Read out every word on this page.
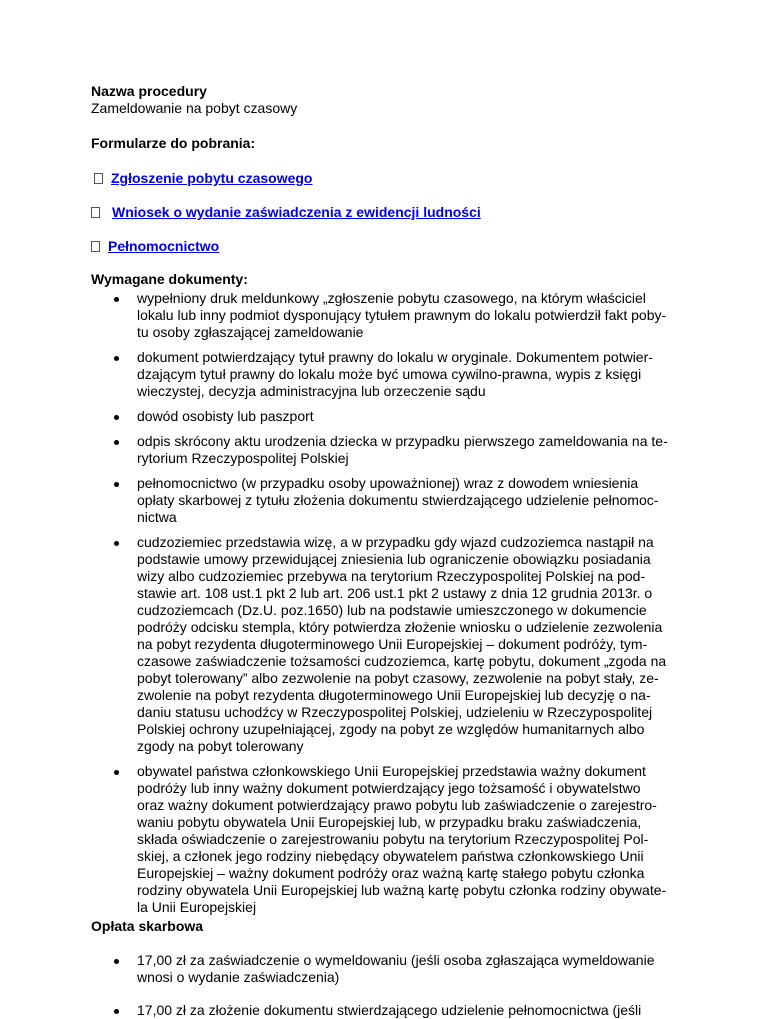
Nazwa procedury

Zameldowanie na pobyt czasowy

Formularze do pobrania:

Zgłoszenie pobytu czasowego
Wniosek o wydanie zaświadczenia z ewidencji ludności
Pełnomocnictwo

Wymagane dokumenty:

wypełniony druk meldunkowy „zgłoszenie pobytu czasowego, na którym właściciel
lokalu lub inny podmiot dysponujący tytułem prawnym do lokalu potwierdził fakt poby-
tu osoby zgłaszającej zameldowanie
dokument potwierdzający tytuł prawny do lokalu w oryginale. Dokumentem potwier-
dzającym tytuł prawny do lokalu może być umowa cywilno-prawna, wypis z księgi
wieczystej, decyzja administracyjna lub orzeczenie sądu
dowód osobisty lub paszport
odpis skrócony aktu urodzenia dziecka w przypadku pierwszego zameldowania na te-
rytorium Rzeczypospolitej Polskiej
pełnomocnictwo (w przypadku osoby upoważnionej) wraz z dowodem wniesienia
opłaty skarbowej z tytułu złożenia dokumentu stwierdzającego udzielenie pełnomoc-
nictwa
cudzoziemiec przedstawia wizę, a w przypadku gdy wjazd cudzoziemca nastąpił na
podstawie umowy przewidującej zniesienia lub ograniczenie obowiązku posiadania
wizy albo cudzoziemiec przebywa na terytorium Rzeczypospolitej Polskiej na pod-
stawie art. 108 ust.1 pkt 2 lub art. 206 ust.1 pkt 2 ustawy z dnia 12 grudnia 2013r. o
cudzoziemcach (Dz.U. poz.1650) lub na podstawie umieszczonego w dokumencie
podróży odcisku stempla, który potwierdza złożenie wniosku o udzielenie zezwolenia
na pobyt rezydenta długoterminowego Unii Europejskiej – dokument podróży, tym-
czasowe zaświadczenie tożsamości cudzoziemca, kartę pobytu, dokument „zgoda na
pobyt tolerowany” albo zezwolenie na pobyt czasowy, zezwolenie na pobyt stały, ze-
zwolenie na pobyt rezydenta długoterminowego Unii Europejskiej lub decyzję o na-
daniu statusu uchodźcy w Rzeczypospolitej Polskiej, udzieleniu w Rzeczypospolitej
Polskiej ochrony uzupełniającej, zgody na pobyt ze względów humanitarnych albo
zgody na pobyt tolerowany
obywatel państwa członkowskiego Unii Europejskiej przedstawia ważny dokument
podróży lub inny ważny dokument potwierdzający jego tożsamość i obywatelstwo
oraz ważny dokument potwierdzający prawo pobytu lub zaświadczenie o zarejestro-
waniu pobytu obywatela Unii Europejskiej lub, w przypadku braku zaświadczenia,
składa oświadczenie o zarejestrowaniu pobytu na terytorium Rzeczypospolitej Pol-
skiej, a członek jego rodziny niebędący obywatelem państwa członkowskiego Unii
Europejskiej – ważny dokument podróży oraz ważną kartę stałego pobytu członka
rodziny obywatela Unii Europejskiej lub ważną kartę pobytu członka rodziny obywate-
la Unii Europejskiej

Opłata skarbowa

17,00 zł za zaświadczenie o wymeldowaniu (jeśli osoba zgłaszająca wymeldowanie
wnosi o wydanie zaświadczenia)
17,00 zł za złożenie dokumentu stwierdzającego udzielenie pełnomocnictwa (jeśli
